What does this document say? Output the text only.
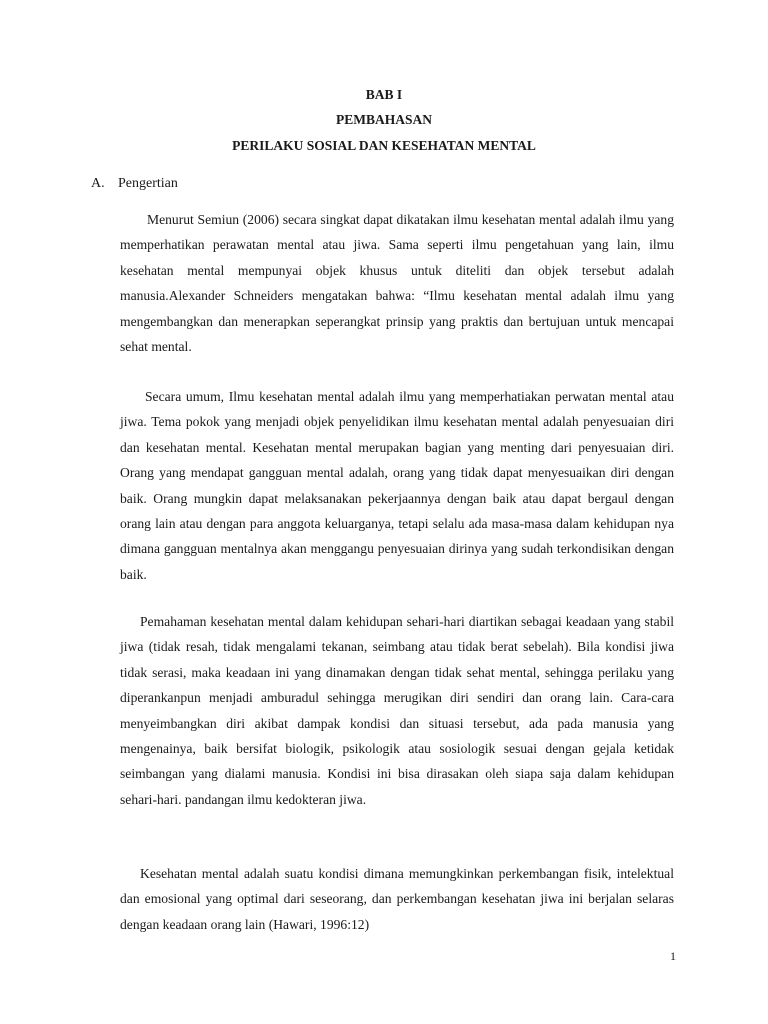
BAB I
PEMBAHASAN
PERILAKU SOSIAL DAN KESEHATAN MENTAL
A. Pengertian

Menurut Semiun (2006) secara singkat dapat dikatakan ilmu kesehatan mental adalah ilmu yang memperhatikan perawatan mental atau jiwa. Sama seperti ilmu pengetahuan yang lain, ilmu kesehatan mental mempunyai objek khusus untuk diteliti dan objek tersebut adalah manusia.Alexander Schneiders mengatakan bahwa: “Ilmu kesehatan mental adalah ilmu yang mengembangkan dan menerapkan seperangkat prinsip yang praktis dan bertujuan untuk mencapai sehat mental.

Secara umum, Ilmu kesehatan mental adalah ilmu yang memperhatiakan perwatan mental atau jiwa. Tema pokok yang menjadi objek penyelidikan ilmu kesehatan mental adalah penyesuaian diri dan kesehatan mental. Kesehatan mental merupakan bagian yang menting dari penyesuaian diri. Orang yang mendapat gangguan mental adalah, orang yang tidak dapat menyesuaikan diri dengan baik. Orang mungkin dapat melaksanakan pekerjaannya dengan baik atau dapat bergaul dengan orang lain atau dengan para anggota keluarganya, tetapi selalu ada masa-masa dalam kehidupan nya dimana gangguan mentalnya akan menggangu penyesuaian dirinya yang sudah terkondisikan dengan baik.

Pemahaman kesehatan mental dalam kehidupan sehari-hari diartikan sebagai keadaan yang stabil jiwa (tidak resah, tidak mengalami tekanan, seimbang atau tidak berat sebelah). Bila kondisi jiwa tidak serasi, maka keadaan ini yang dinamakan dengan tidak sehat mental, sehingga perilaku yang diperankanpun menjadi amburadul sehingga merugikan diri sendiri dan orang lain. Cara-cara menyeimbangkan diri akibat dampak kondisi dan situasi tersebut, ada pada manusia yang mengenainya, baik bersifat biologik, psikologik atau sosiologik sesuai dengan gejala ketidak seimbangan yang dialami manusia. Kondisi ini bisa dirasakan oleh siapa saja dalam kehidupan sehari-hari. pandangan ilmu kedokteran jiwa.

Kesehatan mental adalah suatu kondisi dimana memungkinkan perkembangan fisik, intelektual dan emosional yang optimal dari seseorang, dan perkembangan kesehatan jiwa ini berjalan selaras dengan keadaan orang lain (Hawari, 1996:12)

1
